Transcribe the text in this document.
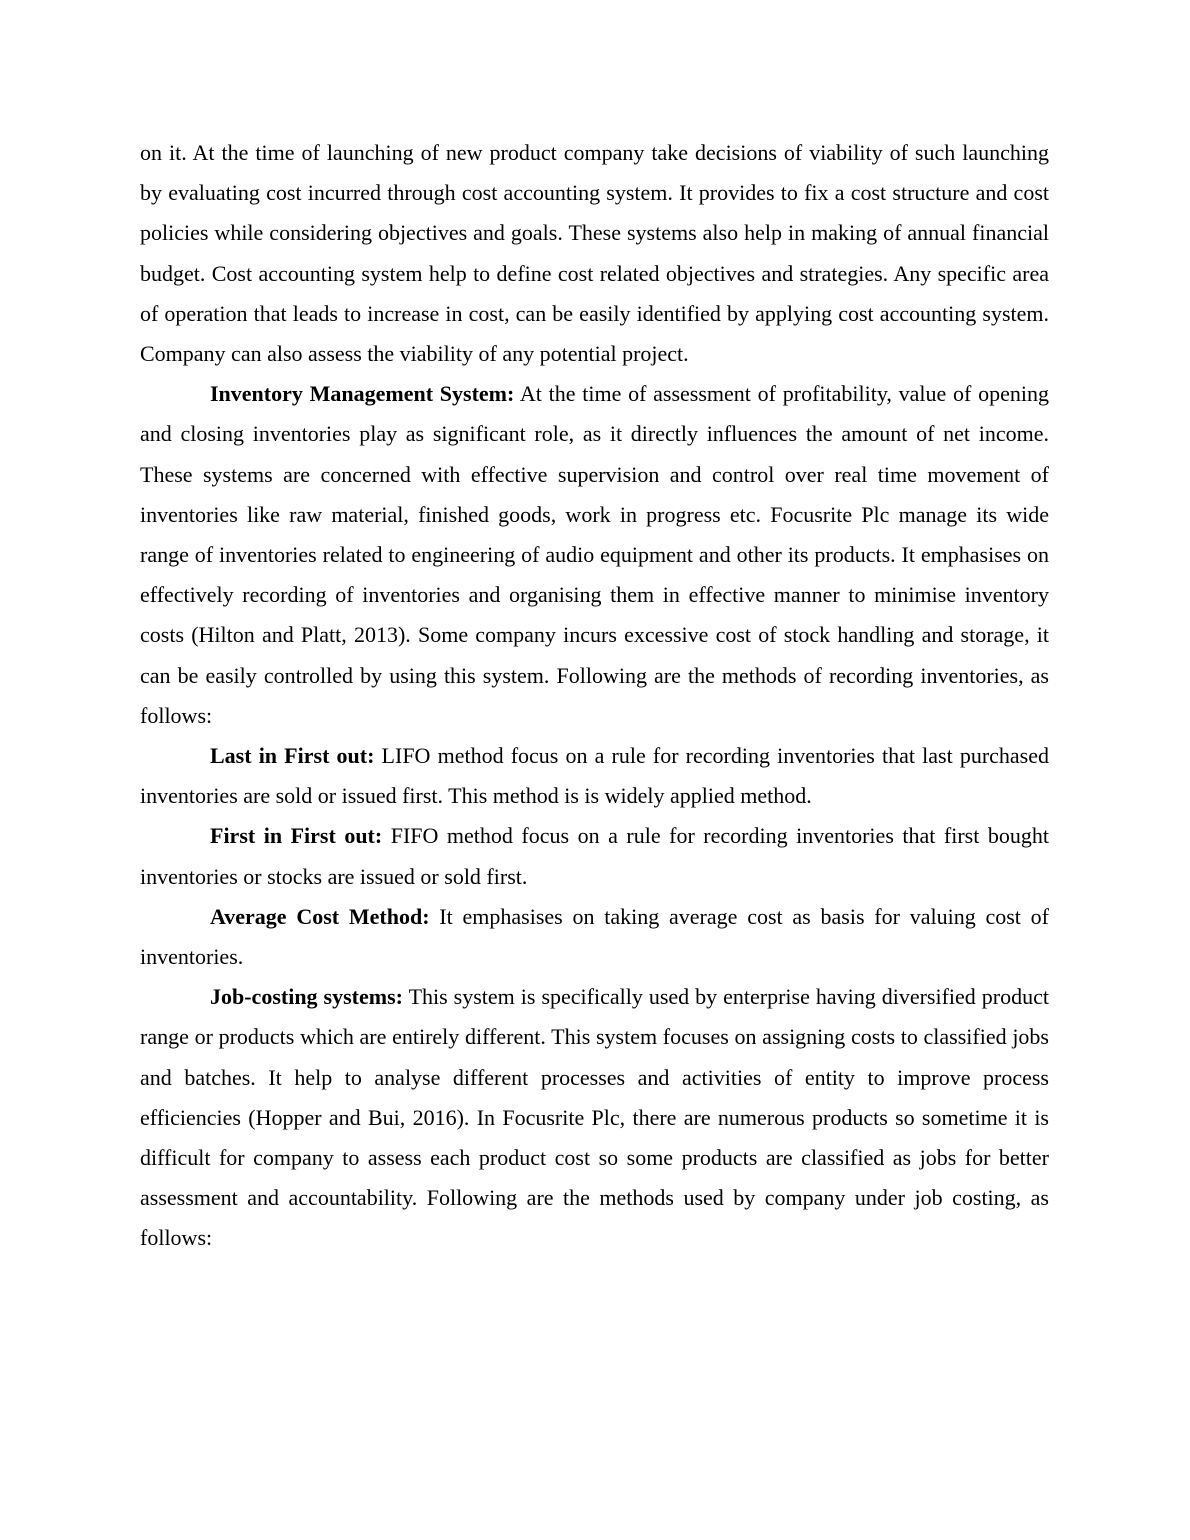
on it. At the time of launching of new product company take decisions of viability of such launching by evaluating cost incurred through cost accounting system. It provides to fix a cost structure and cost policies while considering objectives and goals. These systems also help in making of annual financial budget. Cost accounting system help to define cost related objectives and strategies. Any specific area of operation that leads to increase in cost, can be easily identified by applying cost accounting system. Company can also assess the viability of any potential project.

Inventory Management System: At the time of assessment of profitability, value of opening and closing inventories play as significant role, as it directly influences the amount of net income. These systems are concerned with effective supervision and control over real time movement of inventories like raw material, finished goods, work in progress etc. Focusrite Plc manage its wide range of inventories related to engineering of audio equipment and other its products. It emphasises on effectively recording of inventories and organising them in effective manner to minimise inventory costs (Hilton and Platt, 2013). Some company incurs excessive cost of stock handling and storage, it can be easily controlled by using this system. Following are the methods of recording inventories, as follows:

Last in First out: LIFO method focus on a rule for recording inventories that last purchased inventories are sold or issued first. This method is is widely applied method.

First in First out: FIFO method focus on a rule for recording inventories that first bought inventories or stocks are issued or sold first.

Average Cost Method: It emphasises on taking average cost as basis for valuing cost of inventories.

Job-costing systems: This system is specifically used by enterprise having diversified product range or products which are entirely different. This system focuses on assigning costs to classified jobs and batches. It help to analyse different processes and activities of entity to improve process efficiencies (Hopper and Bui, 2016). In Focusrite Plc, there are numerous products so sometime it is difficult for company to assess each product cost so some products are classified as jobs for better assessment and accountability. Following are the methods used by company under job costing, as follows:
